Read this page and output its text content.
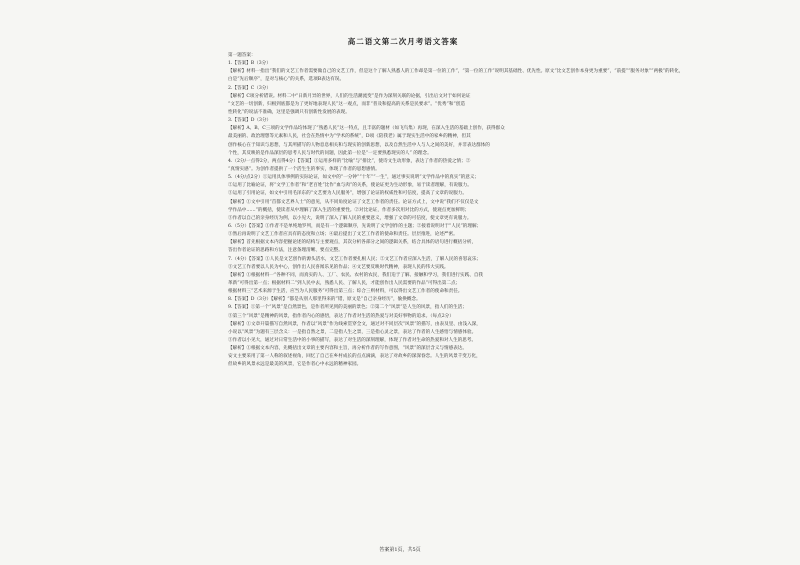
高二语文第二次月考语文答案
第一题答案：
1.【答案】B（3分）
【解析】材料一指出“我们的文艺工作者需要做自己的文艺工作，但是这个了解人熟悉人的工作却是第一位的工作”，“第一位的工作”说明其基础性、优先性。原文“比文艺创作本身更为重要”，“前提”“服务对象”“两极”的转化，
白是“先后顺序”，是对与核心”的关系，选项B表达有误。
2.【答案】C（3分）
【解析】C项分析错误。材料二中“日新月异的世界，人们的生活潮流变”是作为深刻关联的论据，引出后文对于如何论证
“文艺的一切创新，归根到底都是为了更好地表现人民”这一观点，而非“普及和提高的关系是民要求”。“优秀”和“创造
性转化”的说法不准确，这里是强调只有创新性发展的表现。
3.【答案】D（3分）
【解析】A、B、C三项的文学作品均体现了“熟悉人民”这一特点，且丰富的题材（如飞鸟集）再现，在深入生活的基础上创作，获得群众
最美丽的、政治理想等元素和人民，社会在热情中为“学术的系统”，D项《陪我老》属于现实生活中的家乡的精神，但其
创作核心在于知识与思想，与其所描写的人物息息相关和与现实的创新思想，以及自然生活中人与人之间的美好，并非表达群体的
个性，其反映的是作品深层的思考人民与时代的问题，因此第一位是“一定要熟悉现实的人” 的理念。
4.（2分/一点得2分，两点得4分）【答案】①运用多样的“比喻”与“排比”，使诗文生动形象，表达了作者的热爱之情；②
“真情实感”。为创作者提供了一个活生生的事实，体现了作者的思想感情。
5.（4分/点2分）①运用具体事例的实际论证，如文中的“一分钟”“十年”“一生”，通过事实说明“文学作品中的真实”的意义；
②运用了比喻论证，将“文学工作者”和“老百姓”比作“血与肉”的关系，使论证更为生动形象，易于读者理解，有说服力。
③运用了引用论证，如文中引用毛泽东的“文艺要为人民服务”，增强了论证的权威性和可信度，提高了文章的说服力。
【解析】①文中引用“首都文艺界人士”的意见，从不同角度论证了文艺工作者的责任。论证方式上，文中说“我们不仅仅是文
学作品中……”的概括，使读者从中理解了深入生活的重要性。②对比论证，作者多次用对比的方式，使观点更加鲜明；
③作者以自己的亲身经历为例，以小见大，说明了深入了解人民的重要意义，增强了文章的可信度，使文章更有说服力。
6.（5分）【答案】①作者不是单纯地罗列，而是有一个逻辑顺序，先说明了文学创作的主题；②接着说明对于“人民”的理解；
③然后再说明了文艺工作者应具有的态度和立场；④最后提出了文艺工作者的使命和责任。层层推进，论述严密。
【解析】首先根据文本内容把握论述的结构与主要观点，其次分析各部分之间的逻辑关系，结合具体的语句进行概括分析，
答出作者论证的思路和方法，注意条理清晰、要点完整。
7.（4分）【答案】①人民是文艺创作的源头活水，文艺工作者要扎根人民；②文艺工作者应深入生活，了解人民的喜怒哀乐；
③文艺工作者要以人民为中心，创作出人民喜闻乐见的作品；④文艺要反映时代精神，表现人民的伟大实践。
【解析】①根据材料一“各种不同，而真实的人、工厂、农民、农村的农民，我们迫于了解、接触和学习，我们进行实践、自我
革新”可得出第一点；根据材料二“到人民中去，熟悉人民、了解人民，才能创作出人民需要的作品”可得出第二点；
根据材料三“艺术来源于生活，应当为人民服务”可得出第三点；综合三则材料，可以得出文艺工作者的使命和责任。
8.【答案】D（3分）【解析】“都是从别人那里得来的”错，原文是“自己亲身经历”，偷换概念。
9.【答案】①第一个“风景”是自然景色，是作者所见到的美丽的景色；②第二个“风景”是人生的风景，指人们的生活；
③第三个“风景”是精神的风景，指作者内心的感悟，表达了作者对生活的热爱与对美好事物的追求。（每点2分）
【解析】①文章开篇描写自然风景，作者以“风景”作为线索贯穿全文，通过对不同层次“风景”的描写，由表及里、由浅入深，
小说以“风景”为题有三层含义：一是指自然之景，二是指人生之景，三是指心灵之景，表达了作者的人生感悟与情感体验。
③作者以小见大，通过对日常生活中的小事的描写，表达了对生活的深刻理解，体现了作者对生命的热爱和对人生的思考。
【解析】①根据文本内容，先概括出文章的主要内容和主旨，再分析作者的写作意图，“风景”的深层含义与情感表达。
安文主要采用了第一人称的叙述视角，回忆了自己在乡村成长的点点滴滴，表达了对故乡的深深眷恋。人生的风景千变万化，
但故乡的风景永远是最美的风景，它是作者心中永远的精神家园。
答案第1页，共5页
